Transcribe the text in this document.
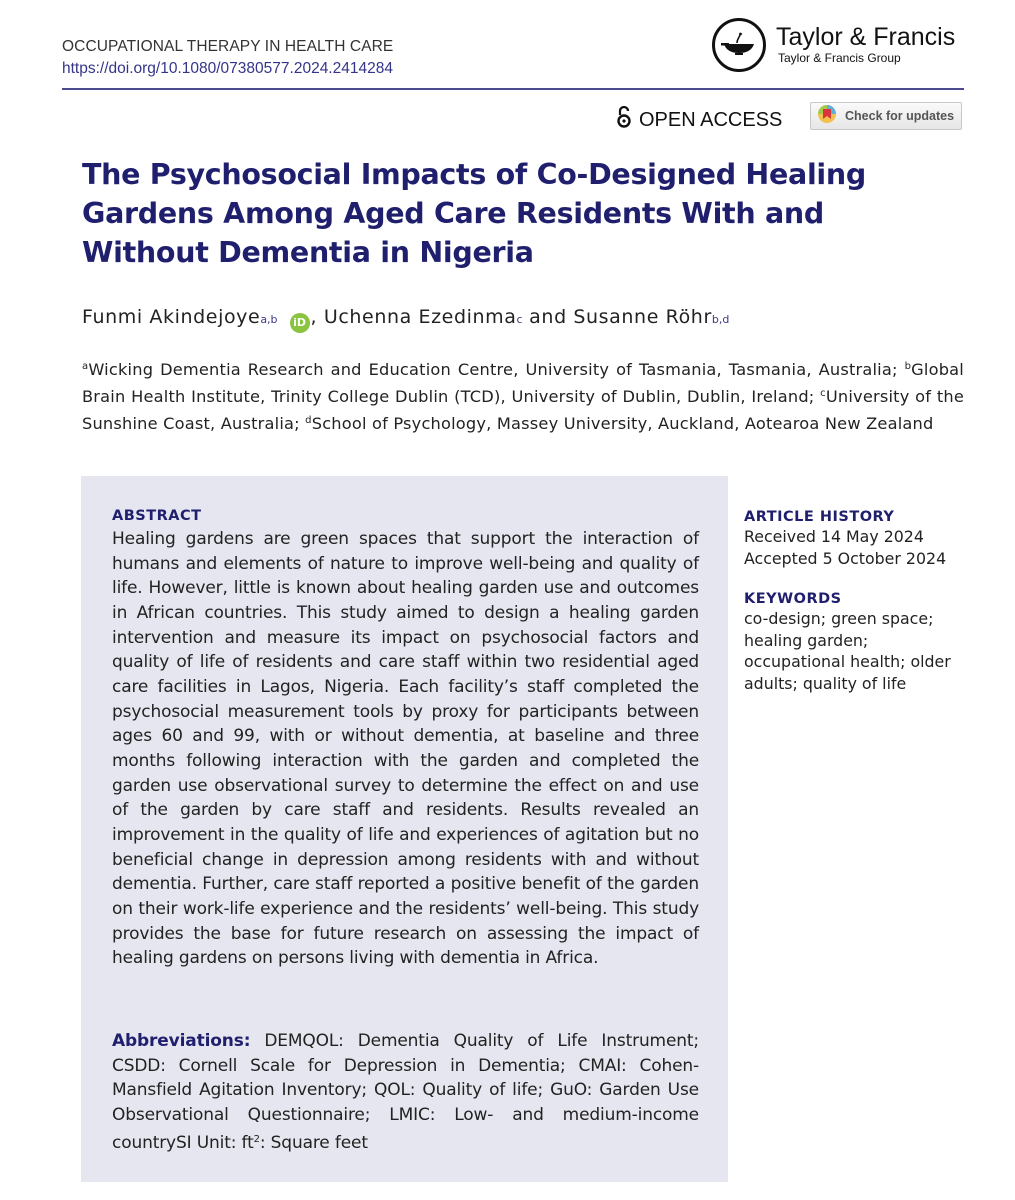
OCCUPATIONAL THERAPY IN HEALTH CARE
https://doi.org/10.1080/07380577.2024.2414284
Taylor & Francis
Taylor & Francis Group
OPEN ACCESS	Check for updates
The Psychosocial Impacts of Co-Designed Healing Gardens Among Aged Care Residents With and Without Dementia in Nigeria
Funmi Akindejoye a,b	iD , Uchenna Ezedinma c and Susanne Röhr b,d
$^a$Wicking Dementia Research and Education Centre, University of Tasmania, Tasmania, Australia; $^b$Global Brain Health Institute, Trinity College Dublin (TCD), University of Dublin, Dublin, Ireland; $^c$University of the Sunshine Coast, Australia; $^d$School of Psychology, Massey University, Auckland, Aotearoa New Zealand
ABSTRACT
Healing gardens are green spaces that support the interaction of humans and elements of nature to improve well-being and quality of life. However, little is known about healing garden use and outcomes in African countries. This study aimed to design a healing garden intervention and measure its impact on psychosocial factors and quality of life of residents and care staff within two residential aged care facilities in Lagos, Nigeria. Each facility’s staff completed the psychosocial measurement tools by proxy for participants between ages 60 and 99, with or without dementia, at baseline and three months following interaction with the garden and completed the garden use observational survey to determine the effect on and use of the garden by care staff and residents. Results revealed an improvement in the quality of life and experiences of agitation but no beneficial change in depression among residents with and without dementia. Further, care staff reported a positive benefit of the garden on their work-life experience and the residents’ well-being. This study provides the base for future research on assessing the impact of healing gardens on persons living with dementia in Africa.
Abbreviations: DEMQOL: Dementia Quality of Life Instrument; CSDD: Cornell Scale for Depression in Dementia; CMAI: Cohen-Mansfield Agitation Inventory; QOL: Quality of life; GuO: Garden Use Observational Questionnaire; LMIC: Low- and medium-income countrySI Unit: $ft^2$: Square feet
ARTICLE HISTORY
Received 14 May 2024
Accepted 5 October 2024
KEYWORDS
co-design; green space; healing garden; occupational health; older adults; quality of life
